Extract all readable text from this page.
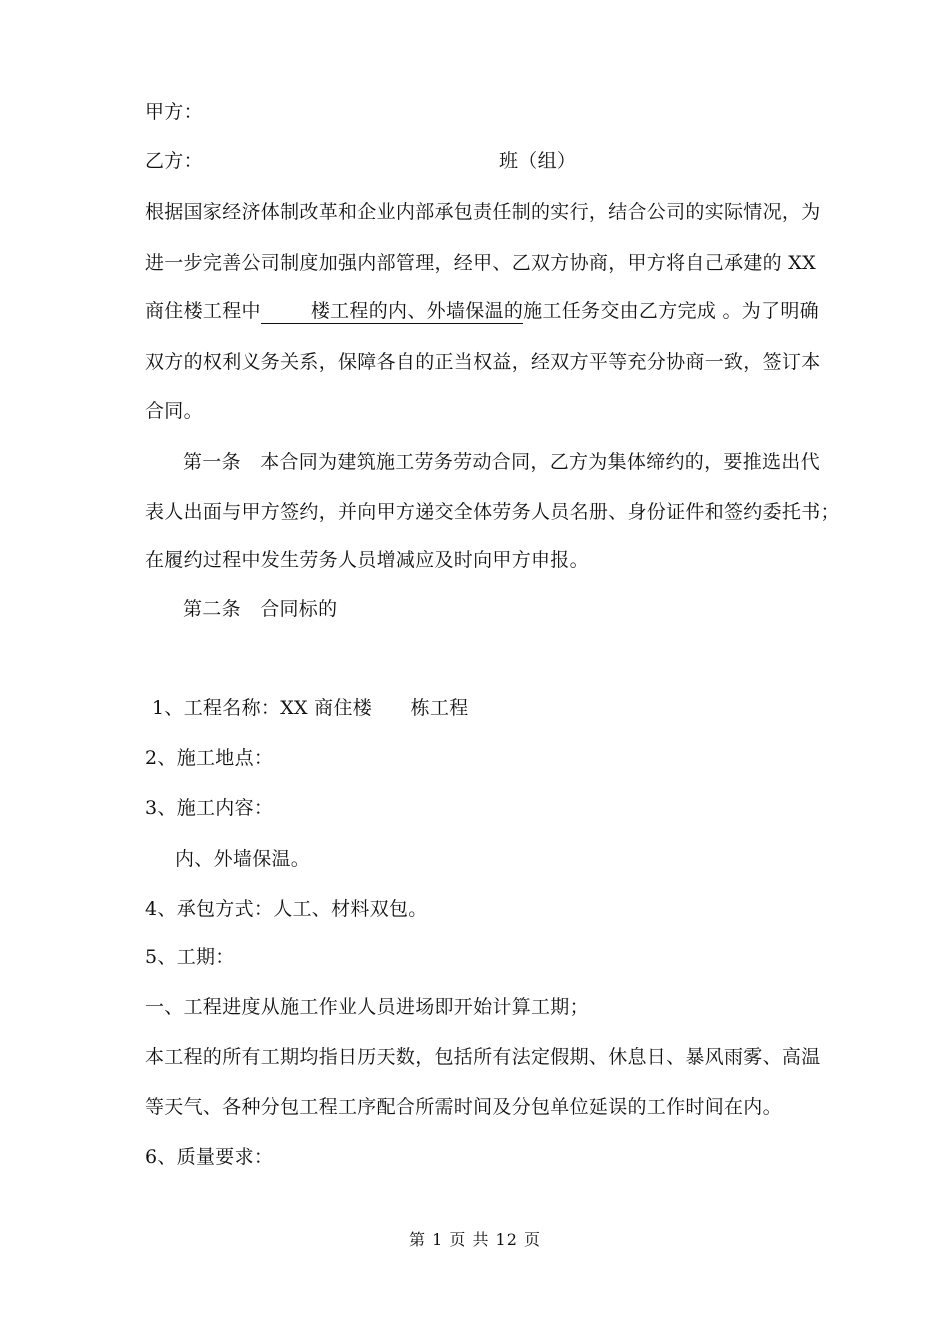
甲方：
乙方：	班（组）
根据国家经济体制改革和企业内部承包责任制的实行，结合公司的实际情况，为
进一步完善公司制度加强内部管理，经甲、乙双方协商，甲方将自己承建的 XX
商住楼工程中	楼工程的内、外墙保温的施工任务交由乙方完成 。为了明确
双方的权利义务关系，保障各自的正当权益，经双方平等充分协商一致，签订本
合同。
第一条　本合同为建筑施工劳务劳动合同，乙方为集体缔约的，要推选出代
表人出面与甲方签约，并向甲方递交全体劳务人员名册、身份证件和签约委托书；
在履约过程中发生劳务人员增减应及时向甲方申报。
第二条　合同标的
1、工程名称：XX 商住楼　　栋工程
2、施工地点：
3、施工内容：
内、外墙保温。
4、承包方式：人工、材料双包。
5、工期：
一、工程进度从施工作业人员进场即开始计算工期；
本工程的所有工期均指日历天数，包括所有法定假期、休息日、暴风雨雾、高温
等天气、各种分包工程工序配合所需时间及分包单位延误的工作时间在内。
6、质量要求：
第 1 页 共 12 页
